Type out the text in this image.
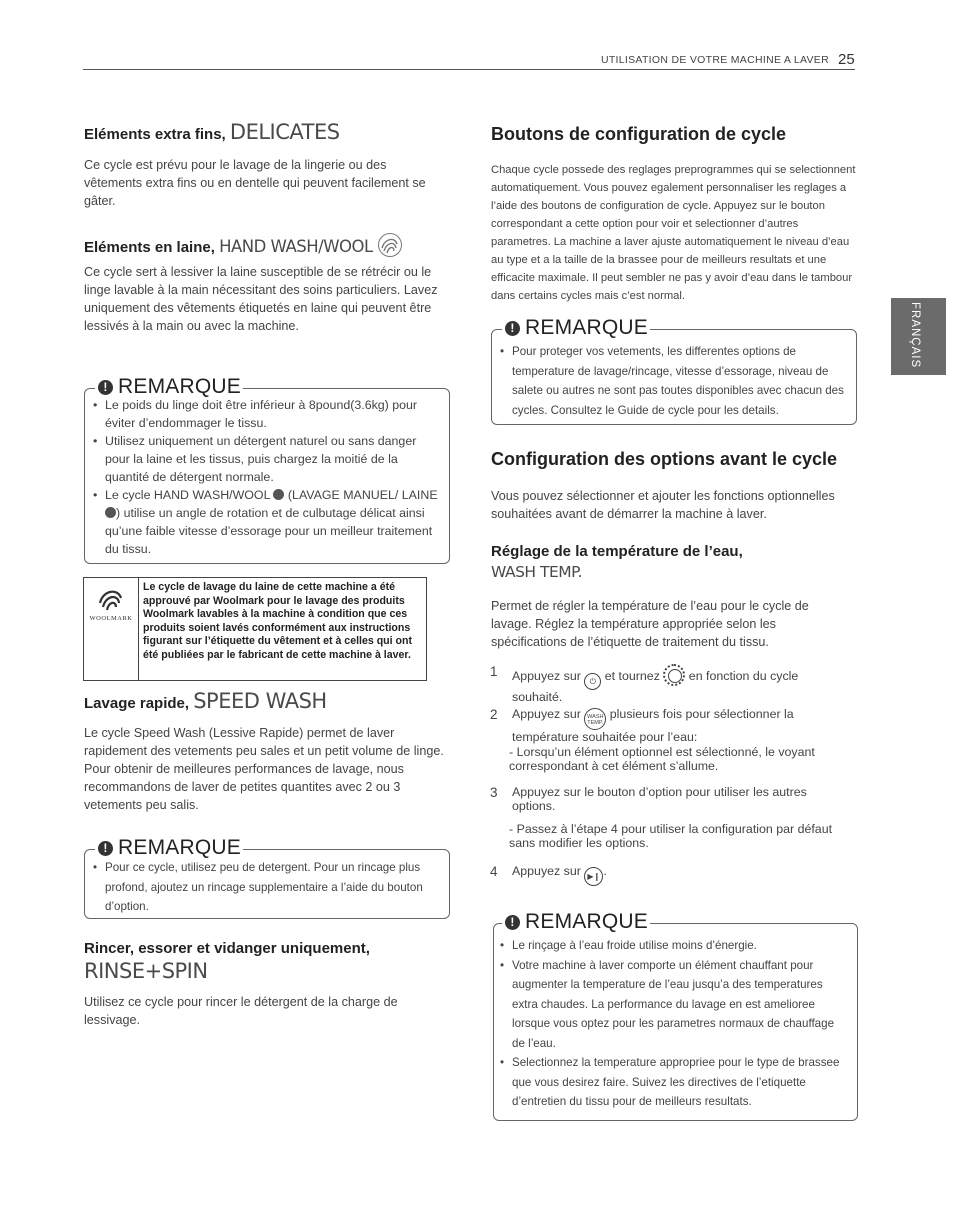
UTILISATION DE VOTRE MACHINE A LAVER 25
FRANÇAIS
Eléments extra fins, DELICATES

Ce cycle est prévu pour le lavage de la lingerie ou des vêtements extra fins ou en dentelle qui peuvent facilement se gâter.

Eléments en laine, HAND WASH/WOOL

Ce cycle sert à lessiver la laine susceptible de se rétrécir ou le linge lavable à la main nécessitant des soins particuliers. Lavez uniquement des vêtements étiquetés en laine qui peuvent être lessivés à la main ou avec la machine.

! REMARQUE
• Le poids du linge doit être inférieur à 8pound(3.6kg) pour éviter d’endommager le tissu.
• Utilisez uniquement un détergent naturel ou sans danger pour la laine et les tissus, puis chargez la moitié de la quantité de détergent normale.
• Le cycle HAND WASH/WOOL (LAVAGE MANUEL/ LAINE ) utilise un angle de rotation et de culbutage délicat ainsi qu’une faible vitesse d’essorage pour un meilleur traitement du tissu.
WOOLMARK
Le cycle de lavage du laine de cette machine a été approuvé par Woolmark pour le lavage des produits Woolmark lavables à la machine à condition que ces produits soient lavés conformément aux instructions figurant sur l’étiquette du vêtement et à celles qui ont été publiées par le fabricant de cette machine à laver.
Lavage rapide, SPEED WASH

Le cycle Speed Wash (Lessive Rapide) permet de laver rapidement des vetements peu sales et un petit volume de linge. Pour obtenir de meilleures performances de lavage, nous recommandons de laver de petites quantites avec 2 ou 3 vetements peu salis.

! REMARQUE
• Pour ce cycle, utilisez peu de detergent. Pour un rincage plus profond, ajoutez un rincage supplementaire a l’aide du bouton d’option.
Rincer, essorer et vidanger uniquement,
RINSE+SPIN

Utilisez ce cycle pour rincer le détergent de la charge de lessivage.

Boutons de configuration de cycle

Chaque cycle possede des reglages preprogrammes qui se selectionnent automatiquement. Vous pouvez egalement personnaliser les reglages a l’aide des boutons de configuration de cycle. Appuyez sur le bouton correspondant a cette option pour voir et selectionner d’autres parametres. La machine a laver ajuste automatiquement le niveau d’eau au type et a la taille de la brassee pour de meilleurs resultats et une efficacite maximale. Il peut sembler ne pas y avoir d’eau dans le tambour dans certains cycles mais c’est normal.

! REMARQUE
• Pour proteger vos vetements, les differentes options de temperature de lavage/rincage, vitesse d’essorage, niveau de salete ou autres ne sont pas toutes disponibles avec chacun des cycles. Consultez le Guide de cycle pour les details.
Configuration des options avant le cycle

Vous pouvez sélectionner et ajouter les fonctions optionnelles souhaitées avant de démarrer la machine à laver.

Réglage de la température de l’eau,
WASH TEMP.

Permet de régler la température de l’eau pour le cycle de lavage. Réglez la température appropriée selon les spécifications de l’étiquette de traitement du tissu.

1 Appuyez sur ⏻ et tournez en fonction du cycle souhaité.
2 Appuyez sur WASH TEMP. plusieurs fois pour sélectionner la température souhaitée pour l’eau:
- Lorsqu’un élément optionnel est sélectionné, le voyant correspondant à cet élément s’allume.
3 Appuyez sur le bouton d’option pour utiliser les autres options.
- Passez à l’étape 4 pour utiliser la configuration par défaut sans modifier les options.
4 Appuyez sur ▶❙ .
! REMARQUE
• Le rinçage à l’eau froide utilise moins d’énergie.
• Votre machine à laver comporte un élément chauffant pour augmenter la temperature de l’eau jusqu’a des temperatures extra chaudes. La performance du lavage en est amelioree lorsque vous optez pour les parametres normaux de chauffage de l’eau.
• Selectionnez la temperature appropriee pour le type de brassee que vous desirez faire. Suivez les directives de l’etiquette d’entretien du tissu pour de meilleurs resultats.
